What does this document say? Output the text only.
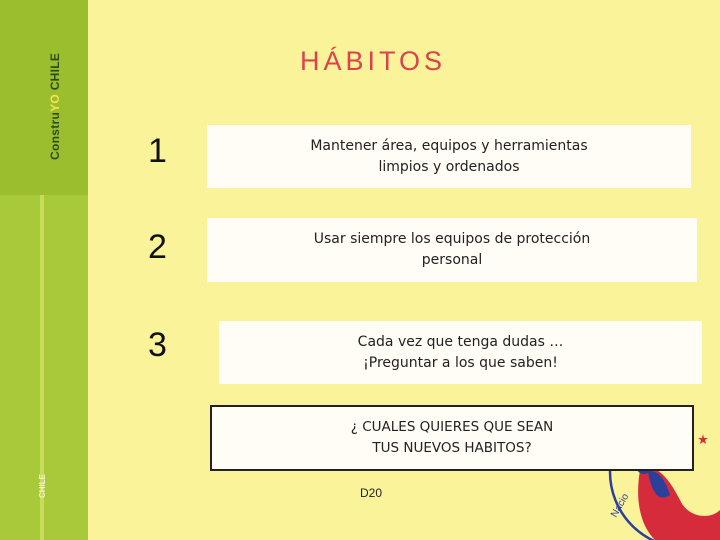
ConstruYO CHILE
CHILE
HÁBITOS
1	Mantener área, equipos y herramientas
limpios y ordenados
2	Usar siempre los equipos de protección
personal
3	Cada vez que tenga dudas …
¡Preguntar a los que saben!
Nacio
¿ CUALES QUIERES QUE SEAN
TUS NUEVOS HABITOS?
D20
